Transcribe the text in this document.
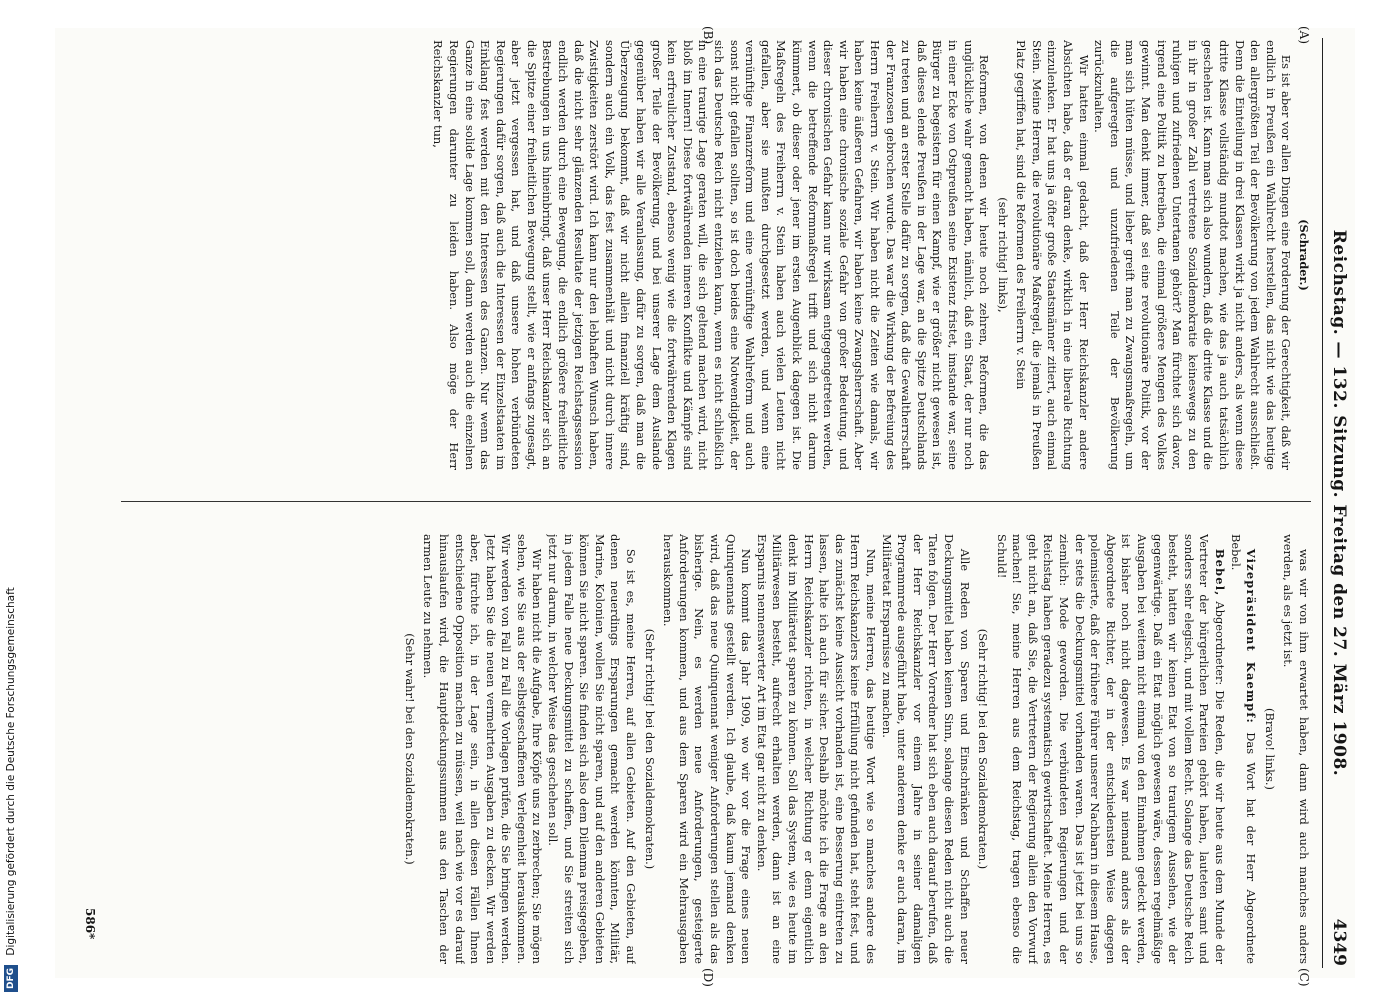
Reichstag. — 132. Sitzung. Freitag den 27. März 1908.
4349
(A)
(B)
(C)
(D)

(Schrader.)

Es ist aber vor allen Dingen eine Forderung der Gerechtigkeit, daß wir endlich in Preußen ein Wahlrecht herstellen, das nicht wie das heutige den allergrößten Teil der Bevölkerung von jedem Wahlrecht ausschließt. Denn die Einteilung in drei Klassen wirkt ja nicht anders, als wenn diese dritte Klasse vollständig mundtot machen, wie das ja auch tatsächlich geschehen ist. Kann man sich also wundern, daß die dritte Klasse und die in ihr in großer Zahl vertretene Sozialdemokratie keineswegs zu den ruhigen und zufriedenen Untertanen gehört? Man fürchtet sich davor, irgend eine Politik zu betreiben, die einmal größere Mengen des Volkes gewinnt. Man denkt immer, daß sei eine revolutionäre Politik, vor der man sich hüten müsse, und lieber greift man zu Zwangsmaßregeln, um die aufgeregten und unzufriedenen Teile der Bevölkerung zurückzuhalten.

Wir hatten einmal gedacht, daß der Herr Reichskanzler andere Absichten habe, daß er daran denke, wirklich in eine liberale Richtung einzulenken. Er hat uns ja öfter große Staatsmänner zitiert, auch einmal Stein. Meine Herren, die revolutionäre Maßregel, die jemals in Preußen Platz gegriffen hat, sind die Reformen des Freiherrn v. Stein

(sehr richtig! links),

Reformen, von denen wir heute noch zehren, Reformen, die das unglückliche wahr gemacht haben, nämlich, daß ein Staat, der nur noch in einer Ecke von Ostpreußen seine Existenz fristet, imstande war, seine Bürger zu begeistern für einen Kampf, wie er größer nicht gewesen ist, daß dieses elende Preußen in der Lage war, an die Spitze Deutschlands zu treten und an erster Stelle dafür zu sorgen, daß die Gewaltherrschaft der Franzosen gebrochen wurde. Das war die Wirkung der Befreiung des Herrn Freiherrn v. Stein. Wir haben nicht die Zeiten wie damals, wir haben keine äußeren Gefahren, wir haben keine Zwangsherrschaft. Aber wir haben eine chronische soziale Gefahr von großer Bedeutung, und dieser chronischen Gefahr kann nur wirksam entgegengetreten werden, wenn die betreffende Reformmaßregel trifft und sich nicht darum kümmert, ob dieser oder jener im ersten Augenblick dagegen ist. Die Maßregeln des Freiherrn v. Stein haben auch vielen Leuten nicht gefallen, aber sie mußten durchgesetzt werden, und wenn eine vernünftige Finanzreform und eine vernünftige Wahlreform und auch sonst nicht gefallen sollten, so ist doch beides eine Notwendigkeit, der sich das Deutsche Reich nicht entziehen kann, wenn es nicht schließlich in eine traurige Lage geraten will, die sich geltend machen wird, nicht bloß im Innern! Diese fortwährenden inneren Konflikte und Kämpfe sind kein erfreulicher Zustand, ebenso wenig wie die fortwährenden Klagen großer Teile der Bevölkerung, und bei unserer Lage dem Auslande gegenüber haben wir alle Veranlassung, dafür zu sorgen, daß man die Überzeugung bekommt, daß wir nicht allein finanziell kräftig sind, sondern auch ein Volk, das fest zusammenhält und nicht durch innere Zwistigkeiten zerstört wird. Ich kann nur den lebhaften Wunsch haben, daß die nicht sehr glänzenden Resultate der jetzigen Reichstagssession endlich werden durch eine Bewegung, die endlich größere freiheitliche Bestrebungen in uns hineinbringt, daß unser Herr Reichskanzler sich an die Spitze einer freiheitlichen Bewegung stellt, wie er anfangs zugesagt, aber jetzt vergessen hat, und daß unsere hohen verbündeten Regierungen dafür sorgen, daß auch die Interessen der Einzelstaaten im Einklang fest werden mit den Interessen des Ganzen. Nur wenn das Ganze in eine solide Lage kommen soll, dann werden auch die einzelnen Regierungen darunter zu leiden haben. Also möge der Herr Reichskanzler tun,

was wir von ihm erwartet haben, dann wird auch manches anders werden, als es jetzt ist.

(Bravo! links.)

Vizepräsident Kaempf: Das Wort hat der Herr Abgeordnete Bebel.

Bebel, Abgeordneter: Die Reden, die wir heute aus dem Munde der Vertreter der bürgerlichen Parteien gehört haben, lauteten samt und sonders sehr elegisch, und mit vollem Recht. Solange das Deutsche Reich besteht, hatten wir keinen Etat von so traurigem Aussehen, wie der gegenwärtige. Daß ein Etat möglich gewesen wäre, dessen regelmäßige Ausgaben bei weitem nicht einmal von den Einnahmen gedeckt werden, ist bisher noch nicht dagewesen. Es war niemand anders als der Abgeordnete Richter, der in der entschiedensten Weise dagegen polemisierte, daß der frühere Führer unserer Nachbarn in diesem Hause, der stets die Deckungsmittel vorhanden waren. Das ist jetzt bei uns so ziemlich: Mode geworden. Die verbündeten Regierungen und der Reichstag haben geradezu systematisch gewirtschaftet. Meine Herren, es geht nicht an, daß Sie, die Vertretern der Regierung allein den Vorwurf machen! Sie, meine Herren aus dem Reichstag, tragen ebenso die Schuld!

(Sehr richtig! bei den Sozialdemokraten.)

Alle Reden von Sparen und Einschränken und Schaffen neuer Deckungsmittel haben keinen Sinn, solange diesen Reden nicht auch die Taten folgen. Der Herr Vorredner hat sich eben auch darauf berufen, daß der Herr Reichskanzler vor einem Jahre in seiner damaligen Programmrede ausgeführt habe, unter anderem denke er auch daran, im Militäretat Ersparnisse zu machen.

Nun, meine Herren, das heutige Wort wie so manches andere des Herrn Reichskanzlers keine Erfüllung nicht gefunden hat, steht fest, und das zunächst keine Aussicht vorhanden ist, eine Besserung eintreten zu lassen, halte ich auch für sicher. Deshalb möchte ich die Frage an den Herrn Reichskanzler richten, in welcher Richtung er denn eigentlich denkt im Militäretat sparen zu können. Soll das System, wie es heute im Militärwesen besteht, aufrecht erhalten werden, dann ist an eine Ersparnis nennenswerter Art im Etat gar nicht zu denken.

Nun kommt das Jahr 1909, wo wir vor die Frage eines neuen Quinquennats gestellt werden. Ich glaube, daß kaum jemand denken wird, daß das neue Quinquennat weniger Anforderungen stellen als das bisherige. Nein, es werden neue Anforderungen, gesteigerte Anforderungen kommen, und aus dem Sparen wird ein Mehrausgaben herauskommen.

(Sehr richtig! bei den Sozialdemokraten.)

So ist es, meine Herren, auf allen Gebieten. Auf den Gebieten, auf denen neuerdings Ersparungen gemacht werden könnten, Militär, Marine, Kolonien, wollen Sie nicht sparen, und auf den anderen Gebieten können Sie nicht sparen. Sie finden sich also dem Dilemma preisgegeben, in jedem Falle neue Deckungsmittel zu schaffen, und Sie streiten sich jetzt nur darum, in welcher Weise das geschehen soll.

Wir haben nicht die Aufgabe, Ihre Köpfe uns zu zerbrechen; Sie mögen sehen, wie Sie aus der selbstgeschaffenen Verlegenheit herauskommen. Wir werden von Fall zu Fall die Vorlagen prüfen, die Sie bringen werden. Jetzt haben Sie die neuen vermehrten Ausgaben zu decken. Wir werden aber, fürchte ich, in der Lage sein, in allen diesen Fällen Ihnen entschiedene Opposition machen zu müssen, weil nach wie vor es darauf hinauslaufen wird, die Hauptdeckungssummen aus den Taschen der armen Leute zu nehmen.

(Sehr wahr! bei den Sozialdemokraten.)

586*
DFG Digitalisierung gefördert durch die Deutsche Forschungsgemeinschaft
